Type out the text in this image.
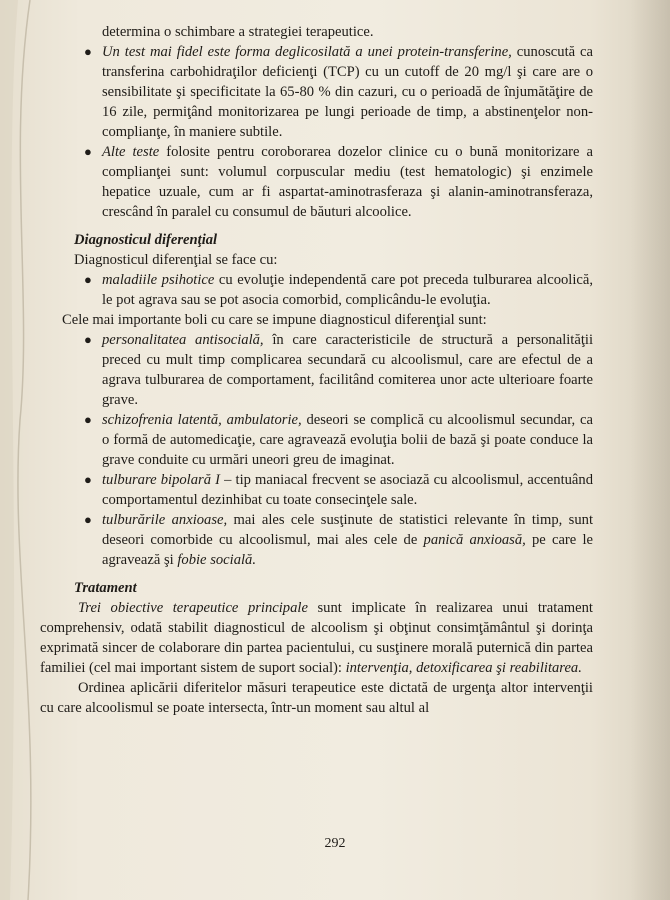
determina o schimbare a strategiei terapeutice.

● Un test mai fidel este forma deglicosilată a unei protein-transferine, cunoscută ca transferina carbohidraţilor deficienţi (TCP) cu un cutoff de 20 mg/l şi care are o sensibilitate şi specificitate la 65-80 % din cazuri, cu o perioadă de înjumătăţire de 16 zile, permiţând monitorizarea pe lungi perioade de timp, a abstinenţelor non-complianţe, în maniere subtile.
● Alte teste folosite pentru coroborarea dozelor clinice cu o bună monitorizare a complianţei sunt: volumul corpuscular mediu (test hematologic) şi enzimele hepatice uzuale, cum ar fi aspartat-aminotrasferaza şi alanin-aminotransferaza, crescând în paralel cu consumul de băuturi alcoolice.

Diagnosticul diferenţial

Diagnosticul diferenţial se face cu:

● maladiile psihotice cu evoluţie independentă care pot preceda tulburarea alcoolică, le pot agrava sau se pot asocia comorbid, complicându-le evoluţia.

Cele mai importante boli cu care se impune diagnosticul diferenţial sunt:

● personalitatea antisocială, în care caracteristicile de structură a personalităţii preced cu mult timp complicarea secundară cu alcoolismul, care are efectul de a agrava tulburarea de comportament, facilitând comiterea unor acte ulterioare foarte grave.
● schizofrenia latentă, ambulatorie, deseori se complică cu alcoolismul secundar, ca o formă de automedicaţie, care agravează evoluţia bolii de bază şi poate conduce la grave conduite cu urmări uneori greu de imaginat.
● tulburare bipolară I – tip maniacal frecvent se asociază cu alcoolismul, accentuând comportamentul dezinhibat cu toate consecinţele sale.
● tulburările anxioase, mai ales cele susţinute de statistici relevante în timp, sunt deseori comorbide cu alcoolismul, mai ales cele de panică anxioasă, pe care le agravează şi fobie socială.

Tratament

Trei obiective terapeutice principale sunt implicate în realizarea unui tratament comprehensiv, odată stabilit diagnosticul de alcoolism şi obţinut consimţământul şi dorinţa exprimată sincer de colaborare din partea pacientului, cu susţinere morală puternică din partea familiei (cel mai important sistem de suport social): intervenţia, detoxificarea şi reabilitarea.

Ordinea aplicării diferitelor măsuri terapeutice este dictată de urgenţa altor intervenţii cu care alcoolismul se poate intersecta, într-un moment sau altul al

292
